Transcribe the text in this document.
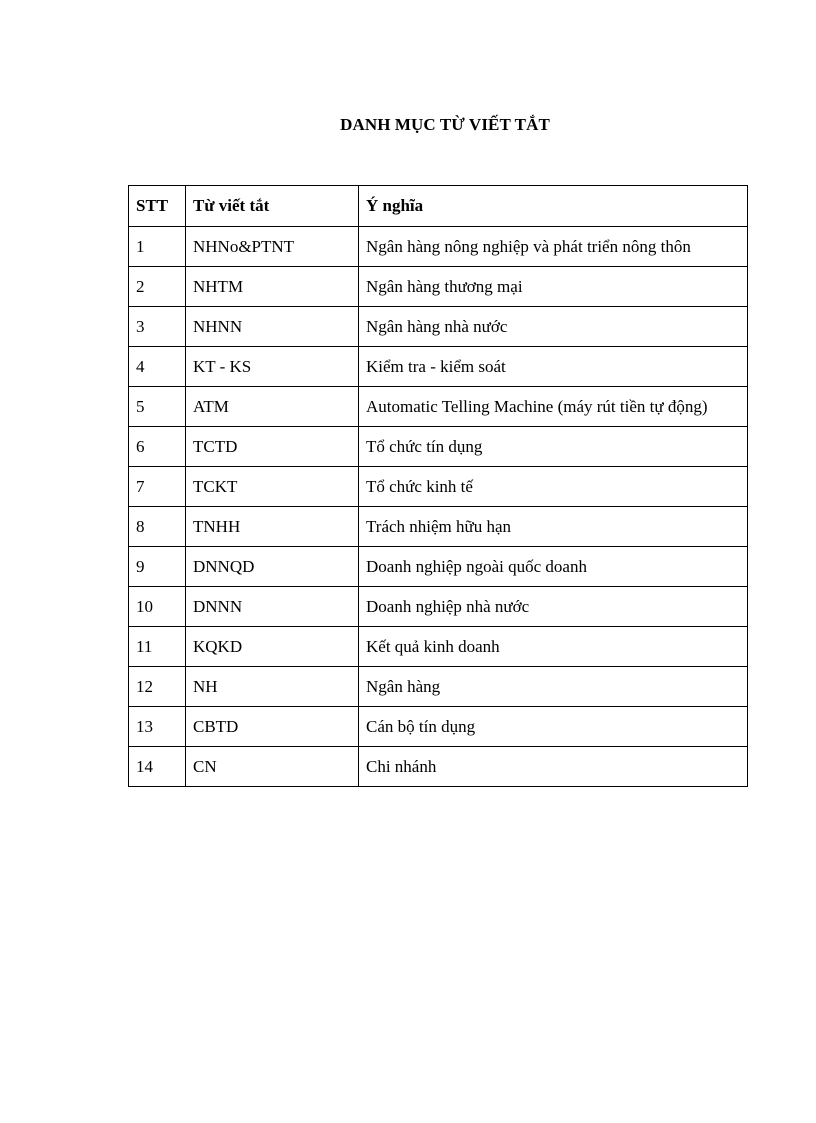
DANH MỤC TỪ VIẾT TẮT
STT	Từ viết tắt	Ý nghĩa
1	NHNo&PTNT	Ngân hàng nông nghiệp và phát triển nông thôn
2	NHTM	Ngân hàng thương mại
3	NHNN	Ngân hàng nhà nước
4	KT - KS	Kiểm tra - kiểm soát
5	ATM	Automatic Telling Machine (máy rút tiền tự động)
6	TCTD	Tổ chức tín dụng
7	TCKT	Tổ chức kinh tế
8	TNHH	Trách nhiệm hữu hạn
9	DNNQD	Doanh nghiệp ngoài quốc doanh
10	DNNN	Doanh nghiệp nhà nước
11	KQKD	Kết quả kinh doanh
12	NH	Ngân hàng
13	CBTD	Cán bộ tín dụng
14	CN	Chi nhánh
